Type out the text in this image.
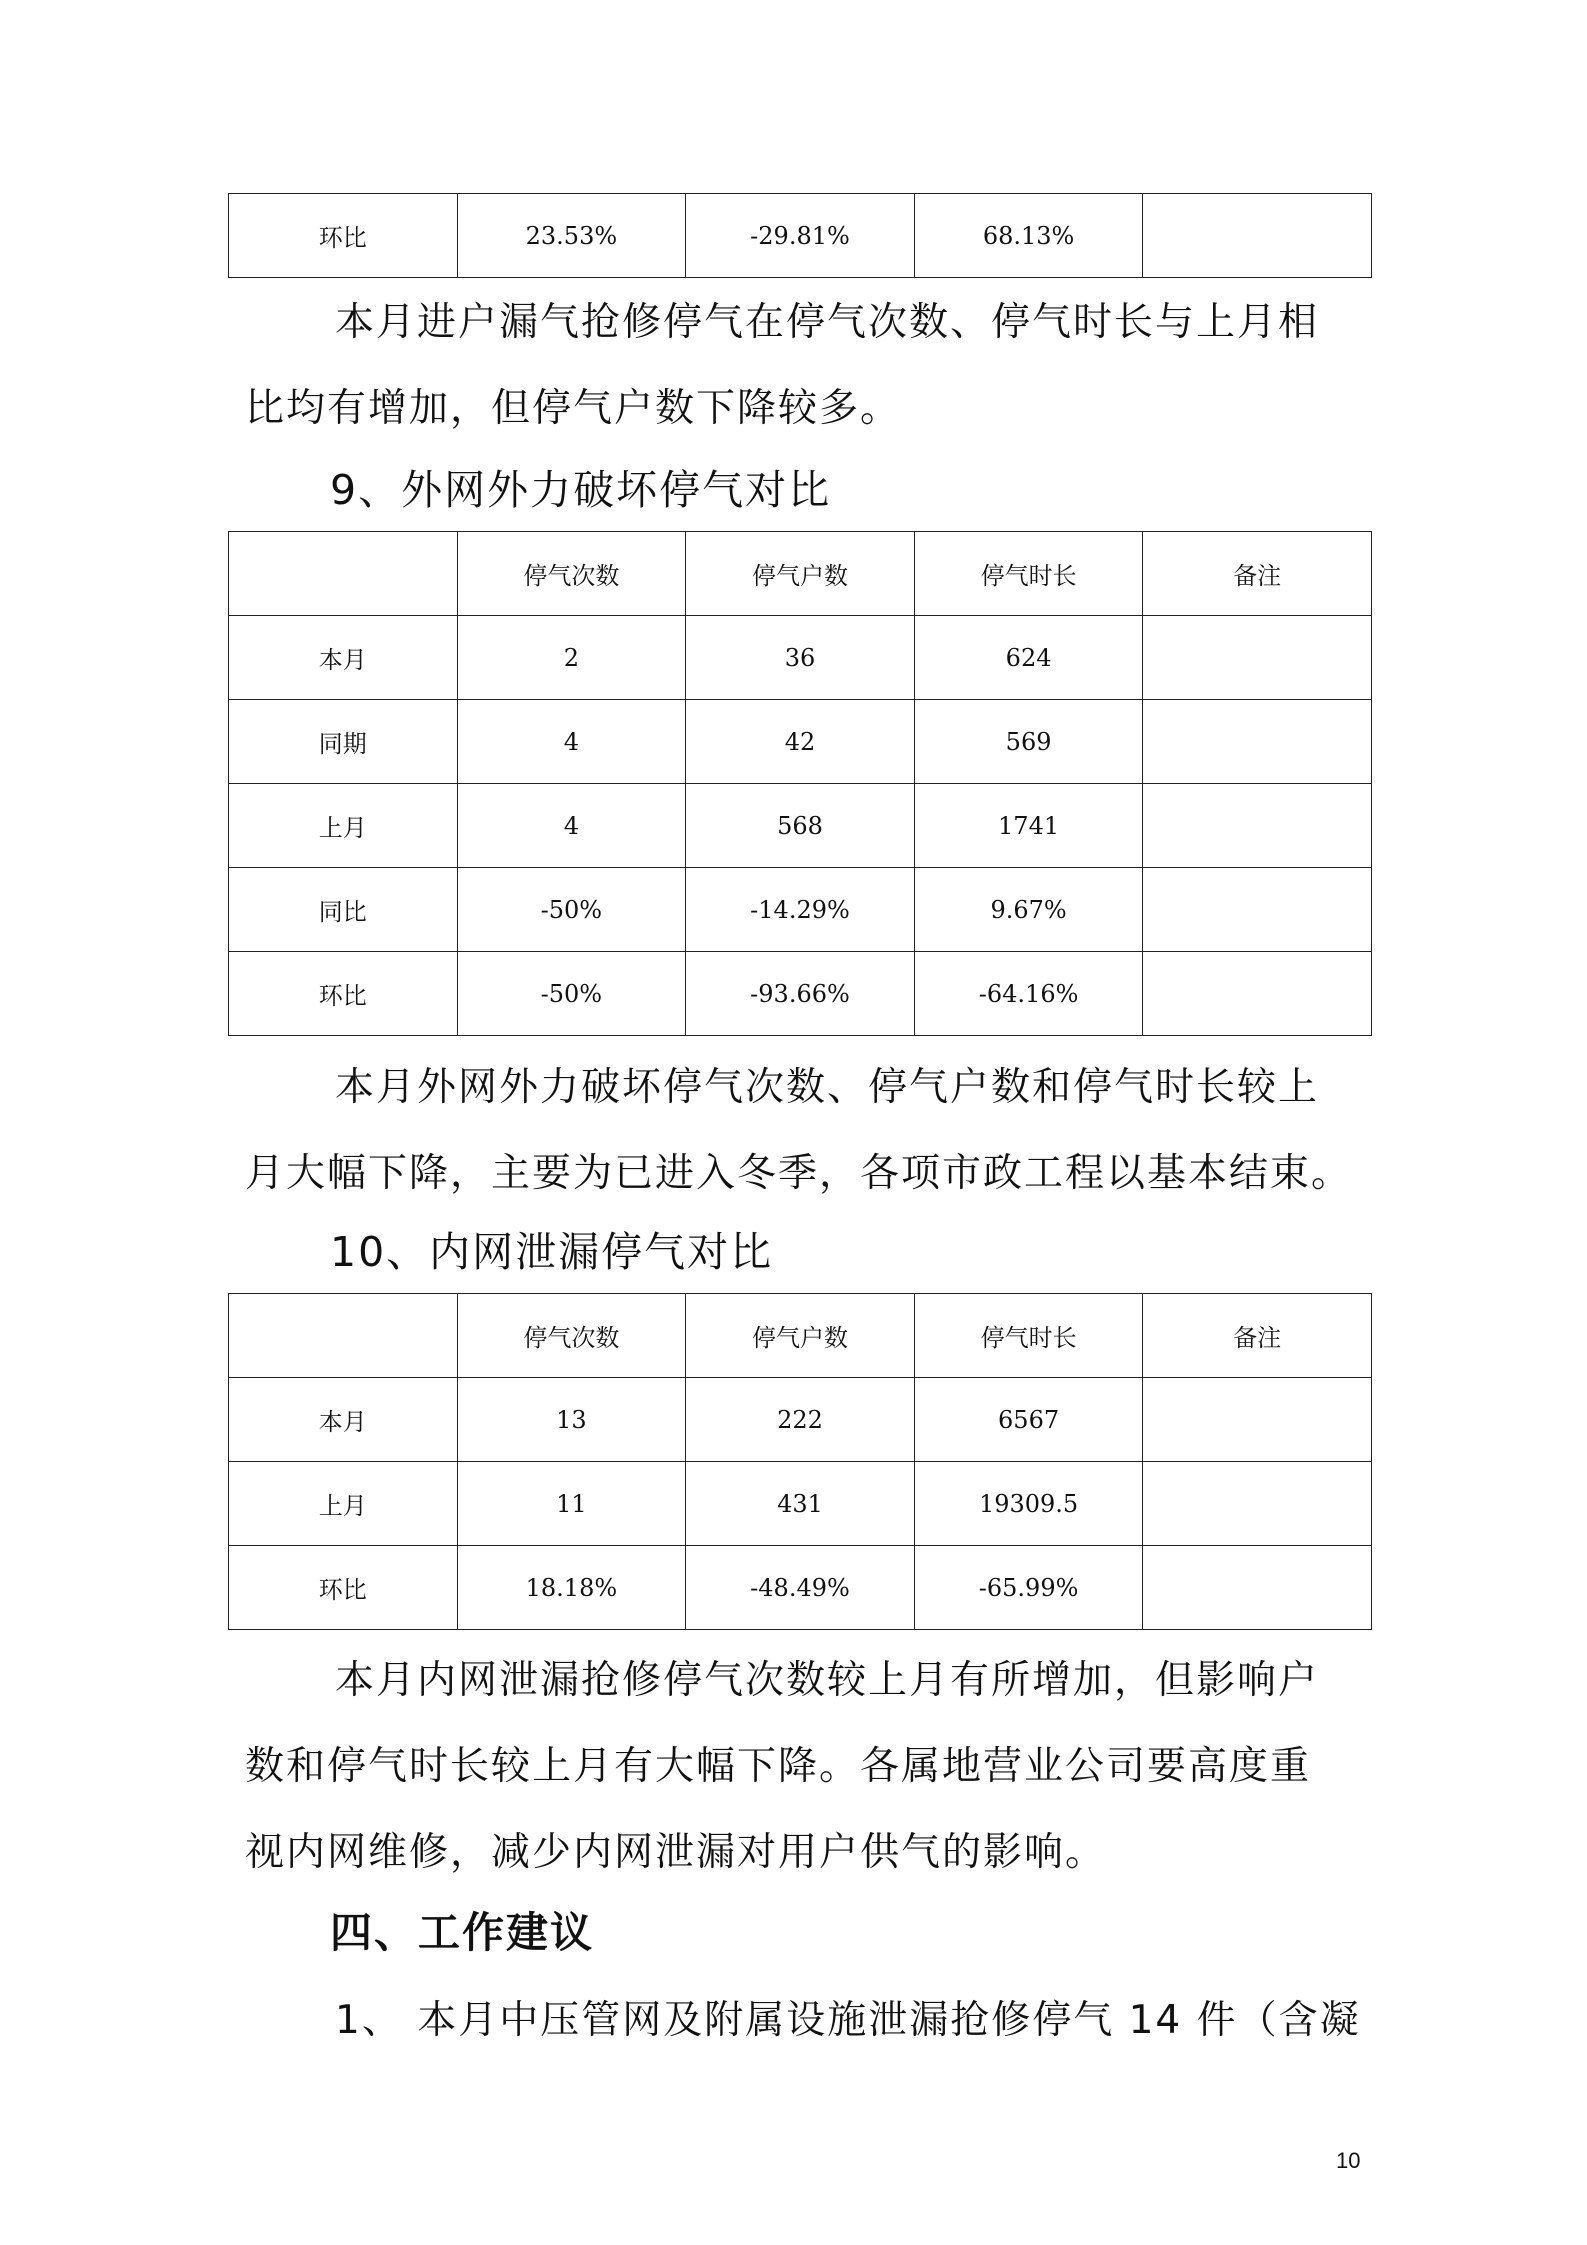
环比	23.53%	-29.81%	68.13%	
本月进户漏气抢修停气在停气次数、停气时长与上月相
比均有增加，但停气户数下降较多。
9、外网外力破坏停气对比
	停气次数	停气户数	停气时长	备注
本月	2	36	624	
同期	4	42	569	
上月	4	568	1741	
同比	-50%	-14.29%	9.67%	
环比	-50%	-93.66%	-64.16%	
本月外网外力破坏停气次数、停气户数和停气时长较上
月大幅下降，主要为已进入冬季，各项市政工程以基本结束。
10、内网泄漏停气对比
	停气次数	停气户数	停气时长	备注
本月	13	222	6567	
上月	11	431	19309.5	
环比	18.18%	-48.49%	-65.99%	
本月内网泄漏抢修停气次数较上月有所增加，但影响户
数和停气时长较上月有大幅下降。各属地营业公司要高度重
视内网维修，减少内网泄漏对用户供气的影响。
四、工作建议
1、 本月中压管网及附属设施泄漏抢修停气 14 件（含凝
10
